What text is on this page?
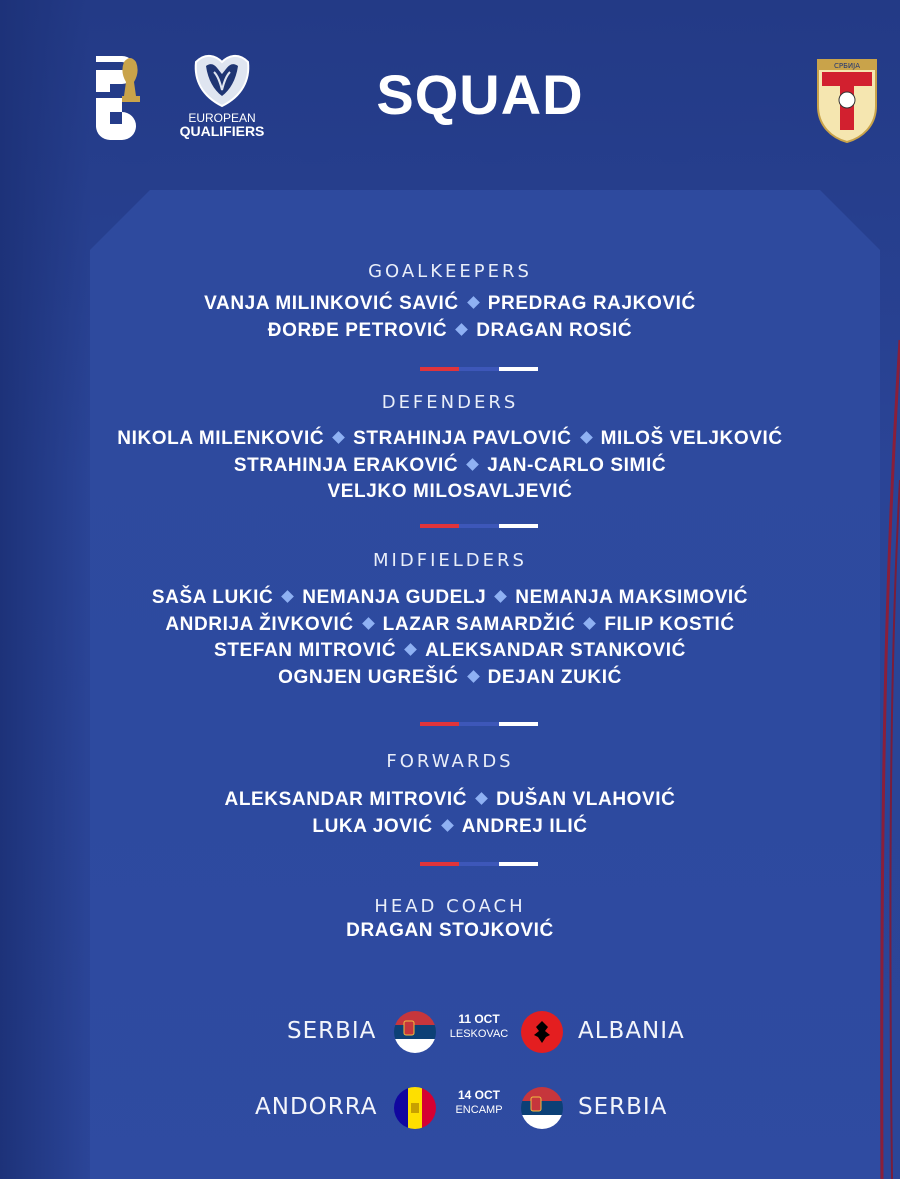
FIFA
EUROPEAN
QUALIFIERS
SQUAD	СРБИЈА
GOALKEEPERS
VANJA MILINKOVIĆ SAVIĆ PREDRAG RAJKOVIĆ
ĐORĐE PETROVIĆ DRAGAN ROSIĆ
DEFENDERS
NIKOLA MILENKOVIĆ STRAHINJA PAVLOVIĆ MILOŠ VELJKOVIĆ
STRAHINJA ERAKOVIĆ JAN-CARLO SIMIĆ
VELJKO MILOSAVLJEVIĆ
MIDFIELDERS
SAŠA LUKIĆ NEMANJA GUDELJ NEMANJA MAKSIMOVIĆ
ANDRIJA ŽIVKOVIĆ LAZAR SAMARDŽIĆ FILIP KOSTIĆ
STEFAN MITROVIĆ ALEKSANDAR STANKOVIĆ
OGNJEN UGREŠIĆ DEJAN ZUKIĆ
FORWARDS
ALEKSANDAR MITROVIĆ DUŠAN VLAHOVIĆ
LUKA JOVIĆ ANDREJ ILIĆ
HEAD COACH
DRAGAN STOJKOVIĆ
SERBIA	11 OCT
LESKOVAC	ALBANIA
ANDORRA	14 OCT
ENCAMP	SERBIA
